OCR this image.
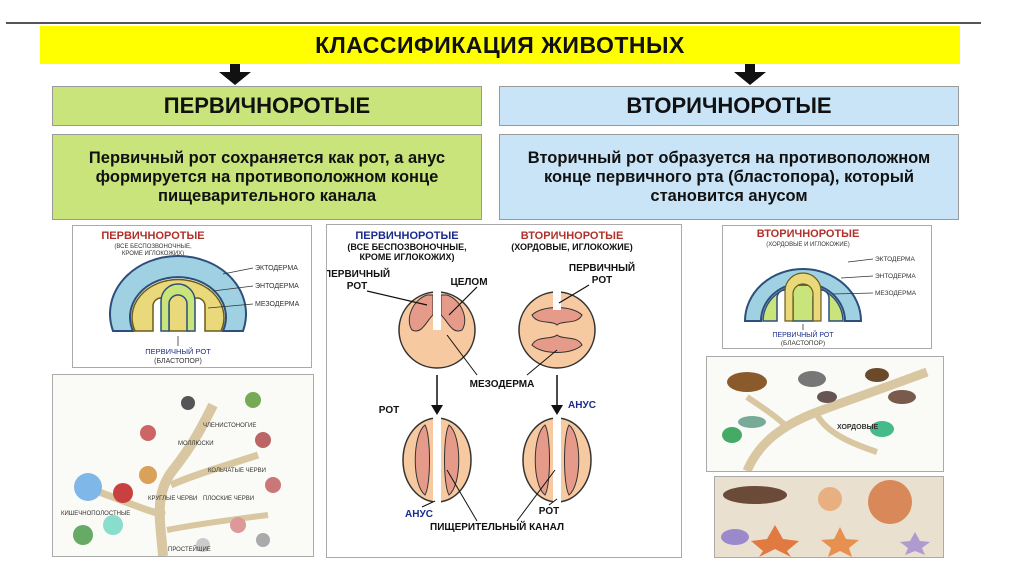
КЛАССИФИКАЦИЯ ЖИВОТНЫХ
ПЕРВИЧНОРОТЫЕ	ВТОРИЧНОРОТЫЕ
Первичный рот сохраняется как рот, а анус формируется на противоположном конце пищеварительного канала
Вторичный рот образуется на противоположном конце первичного рта (бластопора), который становится анусом
ПЕРВИЧНОРОТЫЕ
(ВСЕ БЕСПОЗВОНОЧНЫЕ,
КРОМЕ ИГЛОКОЖИХ)
ЭКТОДЕРМА
ЭНТОДЕРМА
МЕЗОДЕРМА
ПЕРВИЧНЫЙ РОТ
(БЛАСТОПОР)
ЧЛЕНИСТОНОГИЕ
МОЛЛЮСКИ
КОЛЬЧАТЫЕ ЧЕРВИ
КРУГЛЫЕ ЧЕРВИ ПЛОСКИЕ ЧЕРВИ
КИШЕЧНОПОЛОСТНЫЕ
ПРОСТЕЙШИЕ
ПЕРВИЧНОРОТЫЕ
(ВСЕ БЕСПОЗВОНОЧНЫЕ,
КРОМЕ ИГЛОКОЖИХ)
ВТОРИЧНОРОТЫЕ
(ХОРДОВЫЕ, ИГЛОКОЖИЕ)
ПЕРВИЧНЫЙ
РОТ	ЦЕЛОМ
ПЕРВИЧНЫЙ
РОТ
МЕЗОДЕРМА
РОТ	АНУС
АНУС	РОТ
ПИЩЕРИТЕЛЬНЫЙ КАНАЛ
ВТОРИЧНОРОТЫЕ
(ХОРДОВЫЕ И ИГЛОКОЖИЕ)
ЭКТОДЕРМА
ЭНТОДЕРМА
МЕЗОДЕРМА
ПЕРВИЧНЫЙ РОТ
(БЛАСТОПОР)
ХОРДОВЫЕ
